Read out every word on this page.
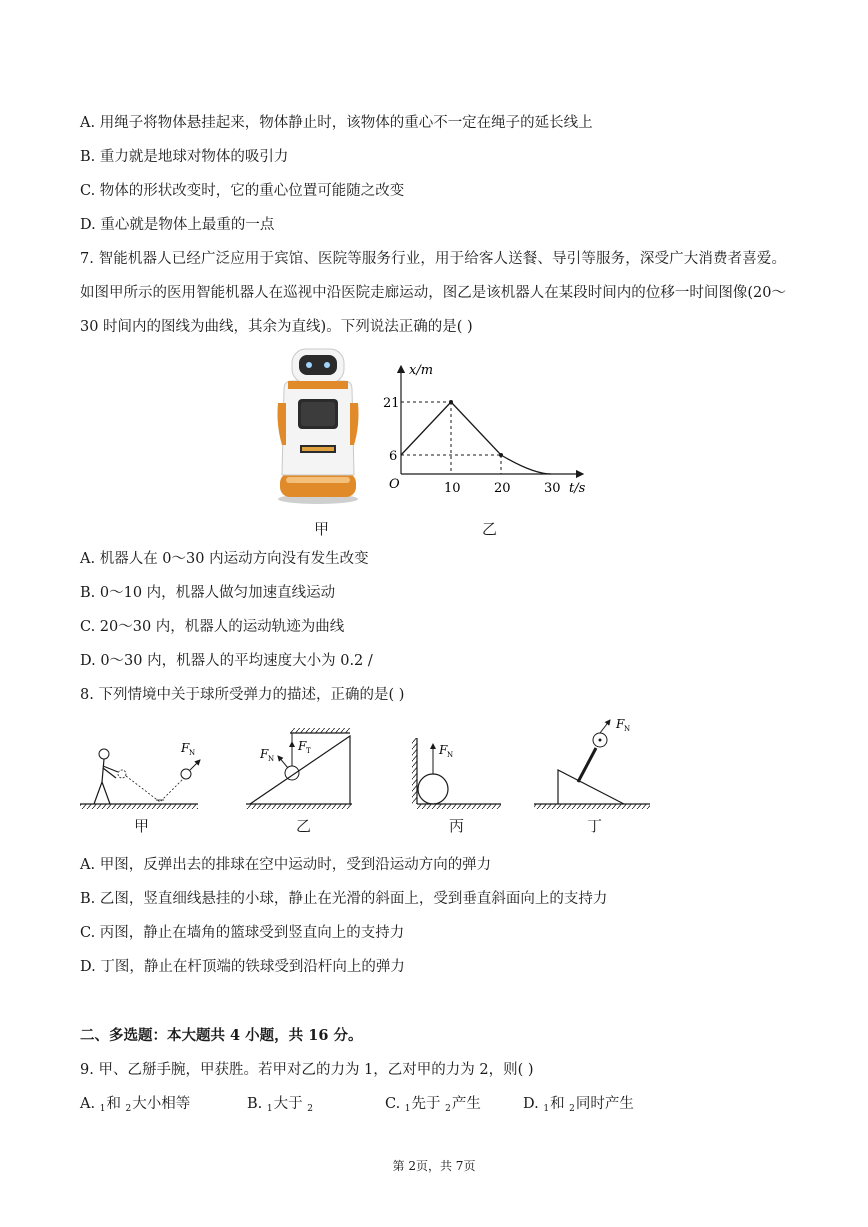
A. 用绳子将物体悬挂起来，物体静止时，该物体的重心不一定在绳子的延长线上
B. 重力就是地球对物体的吸引力
C. 物体的形状改变时，它的重心位置可能随之改变
D. 重心就是物体上最重的一点
7. 智能机器人已经广泛应用于宾馆、医院等服务行业，用于给客人送餐、导引等服务，深受广大消费者喜爱。如图甲所示的医用智能机器人在巡视中沿医院走廊运动，图乙是该机器人在某段时间内的位移一时间图像(20～30 时间内的图线为曲线，其余为直线)。下列说法正确的是( )
甲
x/m
21
6
O	10	20	30 t/s
乙
A. 机器人在 0～30 内运动方向没有发生改变
B. 0～10 内，机器人做匀加速直线运动
C. 20～30 内，机器人的运动轨迹为曲线
D. 0～30 内，机器人的平均速度大小为 0.2 /
8. 下列情境中关于球所受弹力的描述，正确的是( )
F N	F N
F T	F N
F N
甲	乙	丙	丁
A. 甲图，反弹出去的排球在空中运动时，受到沿运动方向的弹力
B. 乙图，竖直细线悬挂的小球，静止在光滑的斜面上，受到垂直斜面向上的支持力
C. 丙图，静止在墙角的篮球受到竖直向上的支持力
D. 丁图，静止在杆顶端的铁球受到沿杆向上的弹力
二、多选题：本大题共 4 小题，共 16 分。
9. 甲、乙掰手腕，甲获胜。若甲对乙的力为 1，乙对甲的力为 2，则( )
A. $_1$和 $_2$大小相等	B. $_1$大于 $_2$	C. $_1$先于 $_2$产生	D. $_1$和 $_2$同时产生
第 2页，共 7页
